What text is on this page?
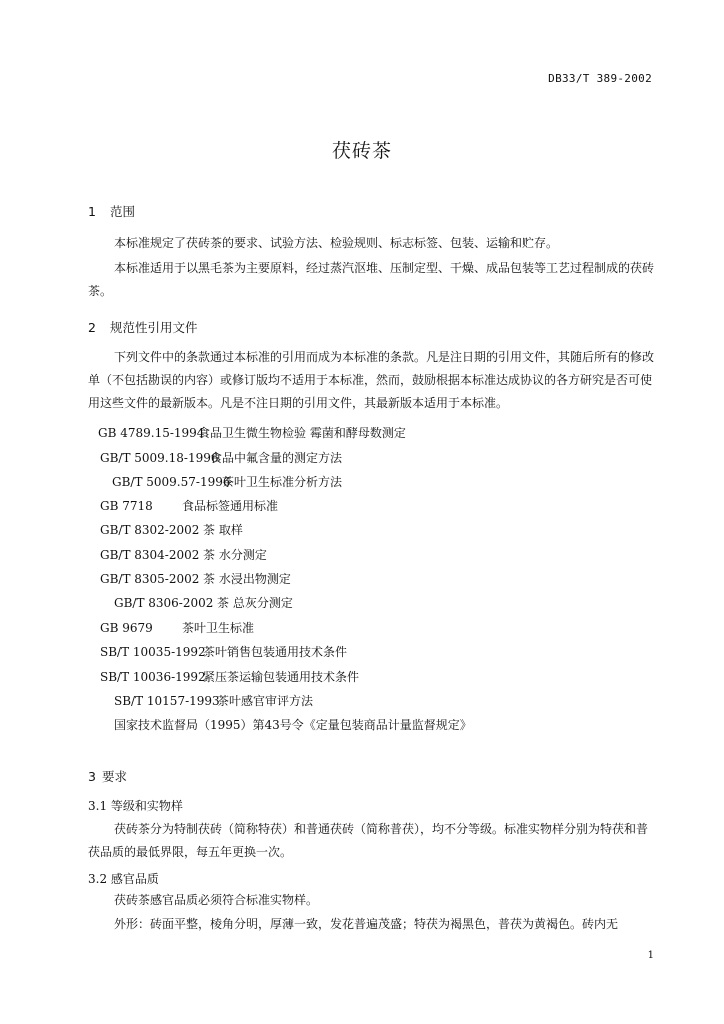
DB33/T 389-2002
茯砖茶
1 范围

本标准规定了茯砖茶的要求、试验方法、检验规则、标志标签、包装、运输和贮存。

本标准适用于以黑毛茶为主要原料，经过蒸汽沤堆、压制定型、干燥、成品包装等工艺过程制成的茯砖茶。

2 规范性引用文件

下列文件中的条款通过本标准的引用而成为本标准的条款。凡是注日期的引用文件，其随后所有的修改单（不包括勘误的内容）或修订版均不适用于本标准，然而，鼓励根据本标准达成协议的各方研究是否可使用这些文件的最新版本。凡是不注日期的引用文件，其最新版本适用于本标准。

GB 4789.15-1994食品卫生微生物检验 霉菌和酵母数测定
GB/T 5009.18-1996食品中氟含量的测定方法
GB/T 5009.57-1996茶叶卫生标准分析方法
GB 7718 食品标签通用标准
GB/T 8302-2002 茶 取样
GB/T 8304-2002 茶 水分测定
GB/T 8305-2002 茶 水浸出物测定
GB/T 8306-2002 茶 总灰分测定
GB 9679 茶叶卫生标准
SB/T 10035-1992茶叶销售包装通用技术条件
SB/T 10036-1992紧压茶运输包装通用技术条件
SB/T 10157-1993茶叶感官审评方法
国家技术监督局（1995）第43号令《定量包装商品计量监督规定》
3 要求
3.1 等级和实物样

茯砖茶分为特制茯砖（简称特茯）和普通茯砖（简称普茯），均不分等级。标准实物样分别为特茯和普茯品质的最低界限，每五年更换一次。

3.2 感官品质

茯砖茶感官品质必须符合标准实物样。

外形：砖面平整，棱角分明，厚薄一致，发花普遍茂盛；特茯为褐黑色，普茯为黄褐色。砖内无

1
